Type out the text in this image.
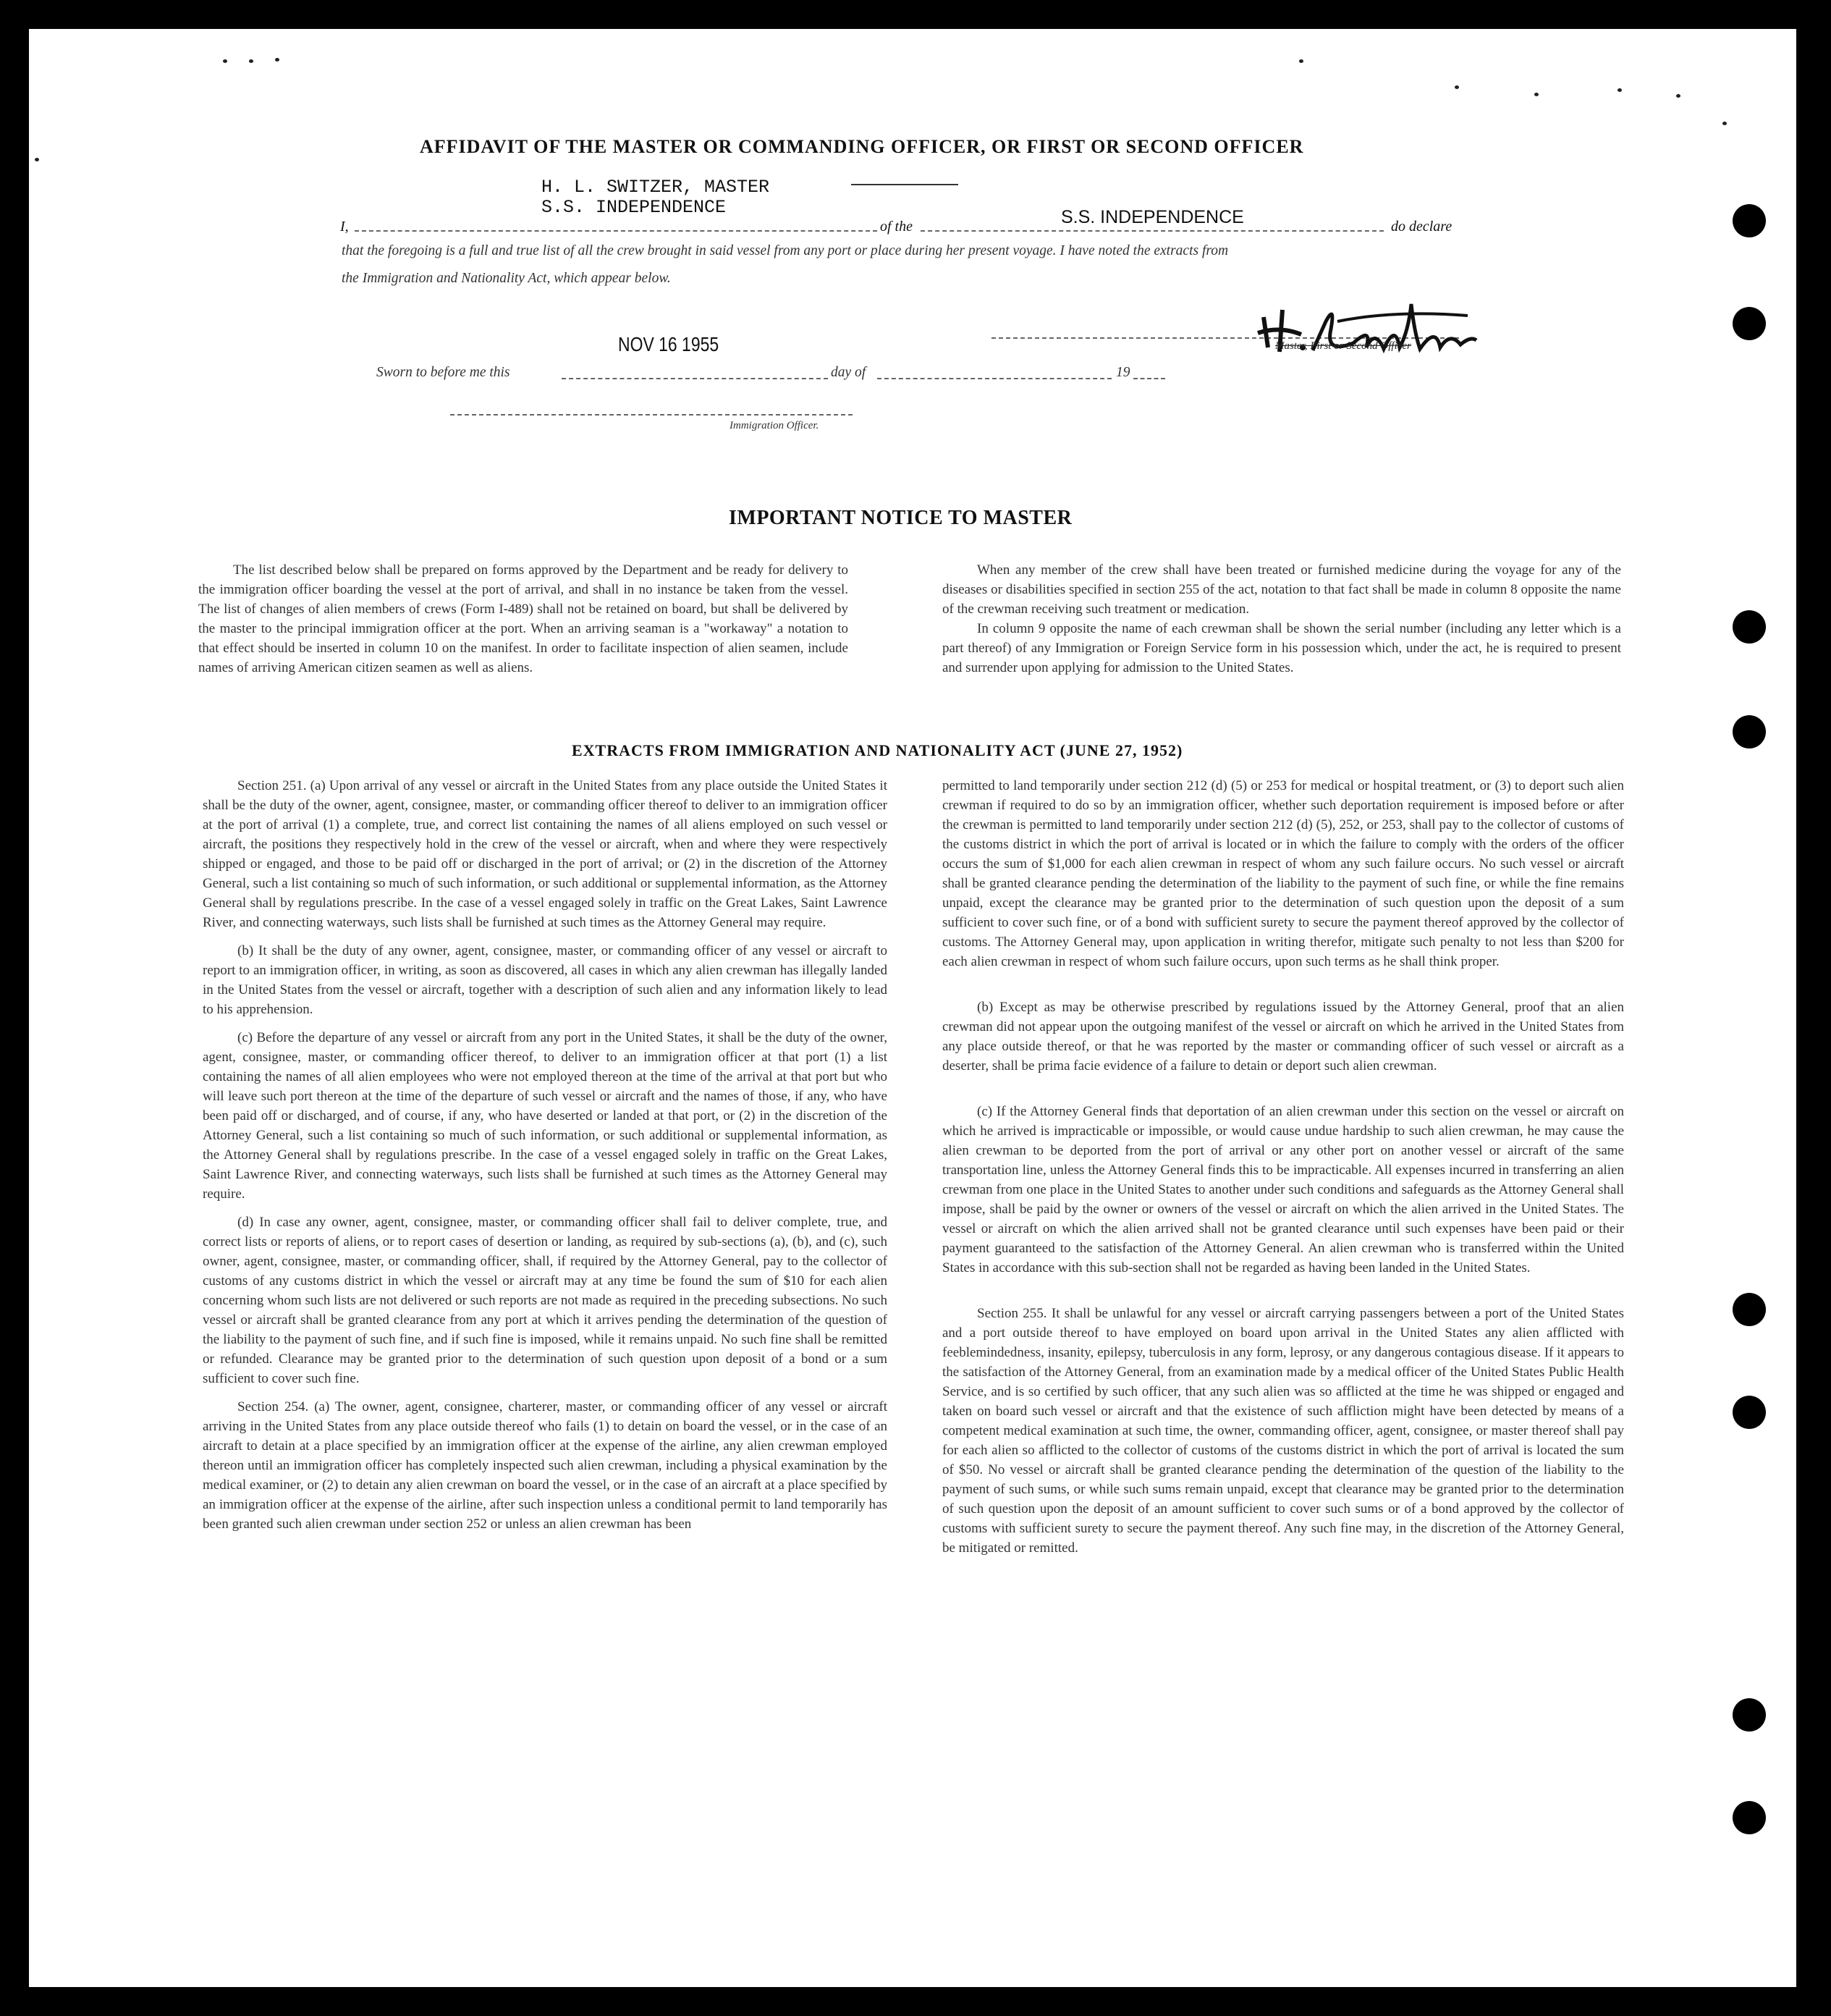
AFFIDAVIT OF THE MASTER OR COMMANDING OFFICER, OR FIRST OR SECOND OFFICER
H. L. SWITZER, MASTER
S.S. INDEPENDENCE
I,	of the	S.S. INDEPENDENCE	do declare
that the foregoing is a full and true list of all the crew brought in said vessel from any port or place during her present voyage. I have noted the extracts from
the Immigration and Nationality Act, which appear below.
Master, First or Second Officer
NOV 16 1955
Sworn to before me this	day of	19
Immigration Officer.
IMPORTANT NOTICE TO MASTER

The list described below shall be prepared on forms approved by the Department and be ready for delivery to the immigration officer boarding the vessel at the port of arrival, and shall in no instance be taken from the vessel. The list of changes of alien members of crews (Form I-489) shall not be retained on board, but shall be delivered by the master to the principal immigration officer at the port. When an arriving seaman is a "workaway" a notation to that effect should be inserted in column 10 on the manifest. In order to facilitate inspection of alien seamen, include names of arriving American citizen seamen as well as aliens.

When any member of the crew shall have been treated or furnished medicine during the voyage for any of the diseases or disabilities specified in section 255 of the act, notation to that fact shall be made in column 8 opposite the name of the crewman receiving such treatment or medication.

In column 9 opposite the name of each crewman shall be shown the serial number (including any letter which is a part thereof) of any Immigration or Foreign Service form in his possession which, under the act, he is required to present and surrender upon applying for admission to the United States.

EXTRACTS FROM IMMIGRATION AND NATIONALITY ACT (JUNE 27, 1952)

Section 251. (a) Upon arrival of any vessel or aircraft in the United States from any place outside the United States it shall be the duty of the owner, agent, consignee, master, or commanding officer thereof to deliver to an immigration officer at the port of arrival (1) a complete, true, and correct list containing the names of all aliens employed on such vessel or aircraft, the positions they respectively hold in the crew of the vessel or aircraft, when and where they were respectively shipped or engaged, and those to be paid off or discharged in the port of arrival; or (2) in the discretion of the Attorney General, such a list containing so much of such information, or such additional or supplemental information, as the Attorney General shall by regulations prescribe. In the case of a vessel engaged solely in traffic on the Great Lakes, Saint Lawrence River, and connecting waterways, such lists shall be furnished at such times as the Attorney General may require.

(b) It shall be the duty of any owner, agent, consignee, master, or commanding officer of any vessel or aircraft to report to an immigration officer, in writing, as soon as discovered, all cases in which any alien crewman has illegally landed in the United States from the vessel or aircraft, together with a description of such alien and any information likely to lead to his apprehension.

(c) Before the departure of any vessel or aircraft from any port in the United States, it shall be the duty of the owner, agent, consignee, master, or commanding officer thereof, to deliver to an immigration officer at that port (1) a list containing the names of all alien employees who were not employed thereon at the time of the arrival at that port but who will leave such port thereon at the time of the departure of such vessel or aircraft and the names of those, if any, who have been paid off or discharged, and of course, if any, who have deserted or landed at that port, or (2) in the discretion of the Attorney General, such a list containing so much of such information, or such additional or supplemental information, as the Attorney General shall by regulations prescribe. In the case of a vessel engaged solely in traffic on the Great Lakes, Saint Lawrence River, and connecting waterways, such lists shall be furnished at such times as the Attorney General may require.

(d) In case any owner, agent, consignee, master, or commanding officer shall fail to deliver complete, true, and correct lists or reports of aliens, or to report cases of desertion or landing, as required by sub-sections (a), (b), and (c), such owner, agent, consignee, master, or commanding officer, shall, if required by the Attorney General, pay to the collector of customs of any customs district in which the vessel or aircraft may at any time be found the sum of $10 for each alien concerning whom such lists are not delivered or such reports are not made as required in the preceding subsections. No such vessel or aircraft shall be granted clearance from any port at which it arrives pending the determination of the question of the liability to the payment of such fine, and if such fine is imposed, while it remains unpaid. No such fine shall be remitted or refunded. Clearance may be granted prior to the determination of such question upon deposit of a bond or a sum sufficient to cover such fine.

Section 254. (a) The owner, agent, consignee, charterer, master, or commanding officer of any vessel or aircraft arriving in the United States from any place outside thereof who fails (1) to detain on board the vessel, or in the case of an aircraft to detain at a place specified by an immigration officer at the expense of the airline, any alien crewman employed thereon until an immigration officer has completely inspected such alien crewman, including a physical examination by the medical examiner, or (2) to detain any alien crewman on board the vessel, or in the case of an aircraft at a place specified by an immigration officer at the expense of the airline, after such inspection unless a conditional permit to land temporarily has been granted such alien crewman under section 252 or unless an alien crewman has been

permitted to land temporarily under section 212 (d) (5) or 253 for medical or hospital treatment, or (3) to deport such alien crewman if required to do so by an immigration officer, whether such deportation requirement is imposed before or after the crewman is permitted to land temporarily under section 212 (d) (5), 252, or 253, shall pay to the collector of customs of the customs district in which the port of arrival is located or in which the failure to comply with the orders of the officer occurs the sum of $1,000 for each alien crewman in respect of whom any such failure occurs. No such vessel or aircraft shall be granted clearance pending the determination of the liability to the payment of such fine, or while the fine remains unpaid, except the clearance may be granted prior to the determination of such question upon the deposit of a sum sufficient to cover such fine, or of a bond with sufficient surety to secure the payment thereof approved by the collector of customs. The Attorney General may, upon application in writing therefor, mitigate such penalty to not less than $200 for each alien crewman in respect of whom such failure occurs, upon such terms as he shall think proper.

(b) Except as may be otherwise prescribed by regulations issued by the Attorney General, proof that an alien crewman did not appear upon the outgoing manifest of the vessel or aircraft on which he arrived in the United States from any place outside thereof, or that he was reported by the master or commanding officer of such vessel or aircraft as a deserter, shall be prima facie evidence of a failure to detain or deport such alien crewman.

(c) If the Attorney General finds that deportation of an alien crewman under this section on the vessel or aircraft on which he arrived is impracticable or impossible, or would cause undue hardship to such alien crewman, he may cause the alien crewman to be deported from the port of arrival or any other port on another vessel or aircraft of the same transportation line, unless the Attorney General finds this to be impracticable. All expenses incurred in transferring an alien crewman from one place in the United States to another under such conditions and safeguards as the Attorney General shall impose, shall be paid by the owner or owners of the vessel or aircraft on which the alien arrived in the United States. The vessel or aircraft on which the alien arrived shall not be granted clearance until such expenses have been paid or their payment guaranteed to the satisfaction of the Attorney General. An alien crewman who is transferred within the United States in accordance with this sub-section shall not be regarded as having been landed in the United States.

Section 255. It shall be unlawful for any vessel or aircraft carrying passengers between a port of the United States and a port outside thereof to have employed on board upon arrival in the United States any alien afflicted with feeblemindedness, insanity, epilepsy, tuberculosis in any form, leprosy, or any dangerous contagious disease. If it appears to the satisfaction of the Attorney General, from an examination made by a medical officer of the United States Public Health Service, and is so certified by such officer, that any such alien was so afflicted at the time he was shipped or engaged and taken on board such vessel or aircraft and that the existence of such affliction might have been detected by means of a competent medical examination at such time, the owner, commanding officer, agent, consignee, or master thereof shall pay for each alien so afflicted to the collector of customs of the customs district in which the port of arrival is located the sum of $50. No vessel or aircraft shall be granted clearance pending the determination of the question of the liability to the payment of such sums, or while such sums remain unpaid, except that clearance may be granted prior to the determination of such question upon the deposit of an amount sufficient to cover such sums or of a bond approved by the collector of customs with sufficient surety to secure the payment thereof. Any such fine may, in the discretion of the Attorney General, be mitigated or remitted.
